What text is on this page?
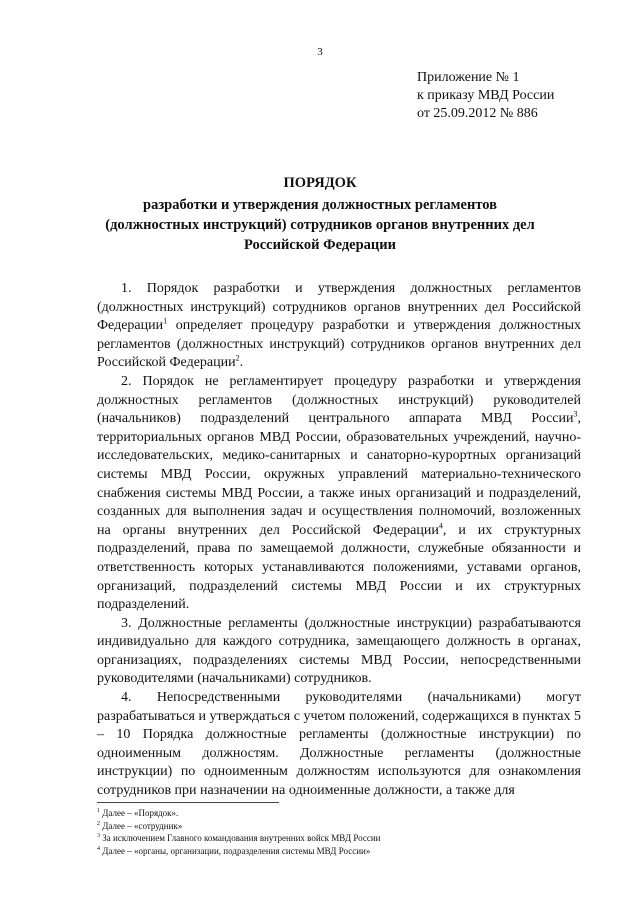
3
Приложение № 1
к приказу МВД России
от 25.09.2012 № 886
ПОРЯДОК
разработки и утверждения должностных регламентов
(должностных инструкций) сотрудников органов внутренних дел
Российской Федерации

1. Порядок разработки и утверждения должностных регламентов (должностных инструкций) сотрудников органов внутренних дел Российской Федерации$^1$ определяет процедуру разработки и утверждения должностных регламентов (должностных инструкций) сотрудников органов внутренних дел Российской Федерации$^2$.

2. Порядок не регламентирует процедуру разработки и утверждения должностных регламентов (должностных инструкций) руководителей (начальников) подразделений центрального аппарата МВД России$^3$, территориальных органов МВД России, образовательных учреждений, научно-исследовательских, медико-санитарных и санаторно-курортных организаций системы МВД России, окружных управлений материально-технического снабжения системы МВД России, а также иных организаций и подразделений, созданных для выполнения задач и осуществления полномочий, возложенных на органы внутренних дел Российской Федерации$^4$, и их структурных подразделений, права по замещаемой должности, служебные обязанности и ответственность которых устанавливаются положениями, уставами органов, организаций, подразделений системы МВД России и их структурных подразделений.

3. Должностные регламенты (должностные инструкции) разрабатываются индивидуально для каждого сотрудника, замещающего должность в органах, организациях, подразделениях системы МВД России, непосредственными руководителями (начальниками) сотрудников.

4. Непосредственными руководителями (начальниками) могут разрабатываться и утверждаться с учетом положений, содержащихся в пунктах 5 – 10 Порядка должностные регламенты (должностные инструкции) по одноименным должностям. Должностные регламенты (должностные инструкции) по одноименным должностям используются для ознакомления сотрудников при назначении на одноименные должности, а также для

$^1$ Далее – «Порядок».
$^2$ Далее – «сотрудник»
$^3$ За исключением Главного командования внутренних войск МВД России
$^4$ Далее – «органы, организации, подразделения системы МВД России»
